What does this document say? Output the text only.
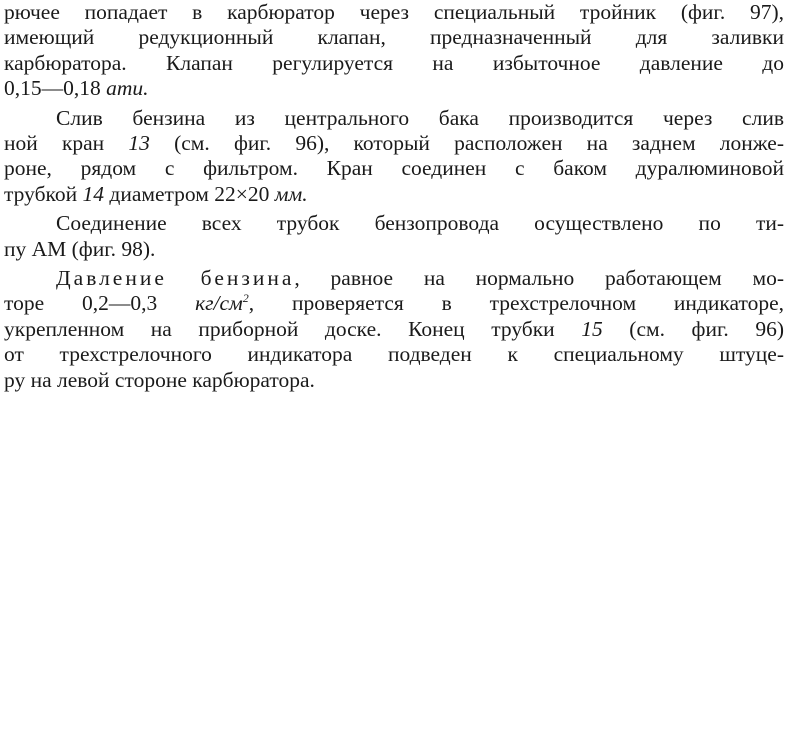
рючее попадает в карбюратор через специальный тройник (фиг. 97),
имеющий редукционный клапан, предназначенный для заливки
карбюратора. Клапан регулируется на избыточное давление до
0,15—0,18 ати.

Слив бензина из центрального бака производится через слив
ной кран 13 (см. фиг. 96), который расположен на заднем лонже-
роне, рядом с фильтром. Кран соединен с баком дуралюминовой
трубкой 14 диаметром 22×20 мм.

Соединение всех трубок бензопровода осуществлено по ти-
пу АМ (фиг. 98).

Давление бензина, равное на нормально работающем мо-
торе 0,2—0,3 $кг/см^2$, проверяется в трехстрелочном индикаторе,
укрепленном на приборной доске. Конец трубки 15 (см. фиг. 96)
от трехстрелочного индикатора подведен к специальному штуце-
ру на левой стороне карбюратора.
